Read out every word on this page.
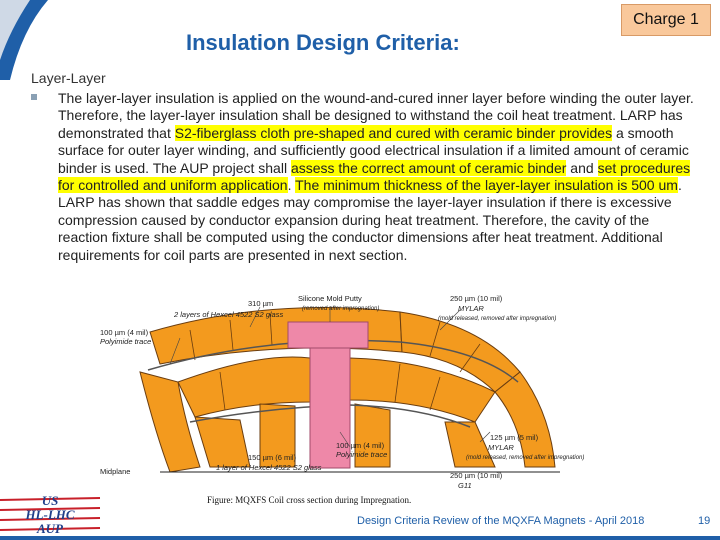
Insulation Design Criteria:
Charge 1
Layer-Layer
The layer-layer insulation is applied on the wound-and-cured inner layer before winding the outer layer. Therefore, the layer-layer insulation shall be designed to withstand the coil heat treatment. LARP has demonstrated that S2-fiberglass cloth pre-shaped and cured with ceramic binder provides a smooth surface for outer layer winding, and sufficiently good electrical insulation if a limited amount of ceramic binder is used. The AUP project shall assess the correct amount of ceramic binder and set procedures for controlled and uniform application. The minimum thickness of the layer-layer insulation is 500 um. LARP has shown that saddle edges may compromise the layer-layer insulation if there is excessive compression caused by conductor expansion during heat treatment. Therefore, the cavity of the reaction fixture shall be computed using the conductor dimensions after heat treatment. Additional requirements for coil parts are presented in next section.
310 µm
2 layers of Hexcel 4522 S2 glass
Silicone Mold Putty
(removed after impregnation)
250 µm (10 mil)
MYLAR
(mold released, removed after impregnation)
100 µm (4 mil)
Polyimide trace
Midplane
150 µm (6 mil)
1 layer of Hexcel 4522 S2 glass
100 µm (4 mil)
Polyimide trace
125 µm (5 mil)
MYLAR
(mold released, removed after impregnation)
250 µm (10 mil)
G11
Figure: MQXFS Coil cross section during Impregnation.
US
HL-LHC
AUP	Design Criteria Review of the MQXFA Magnets - April 2018	19
